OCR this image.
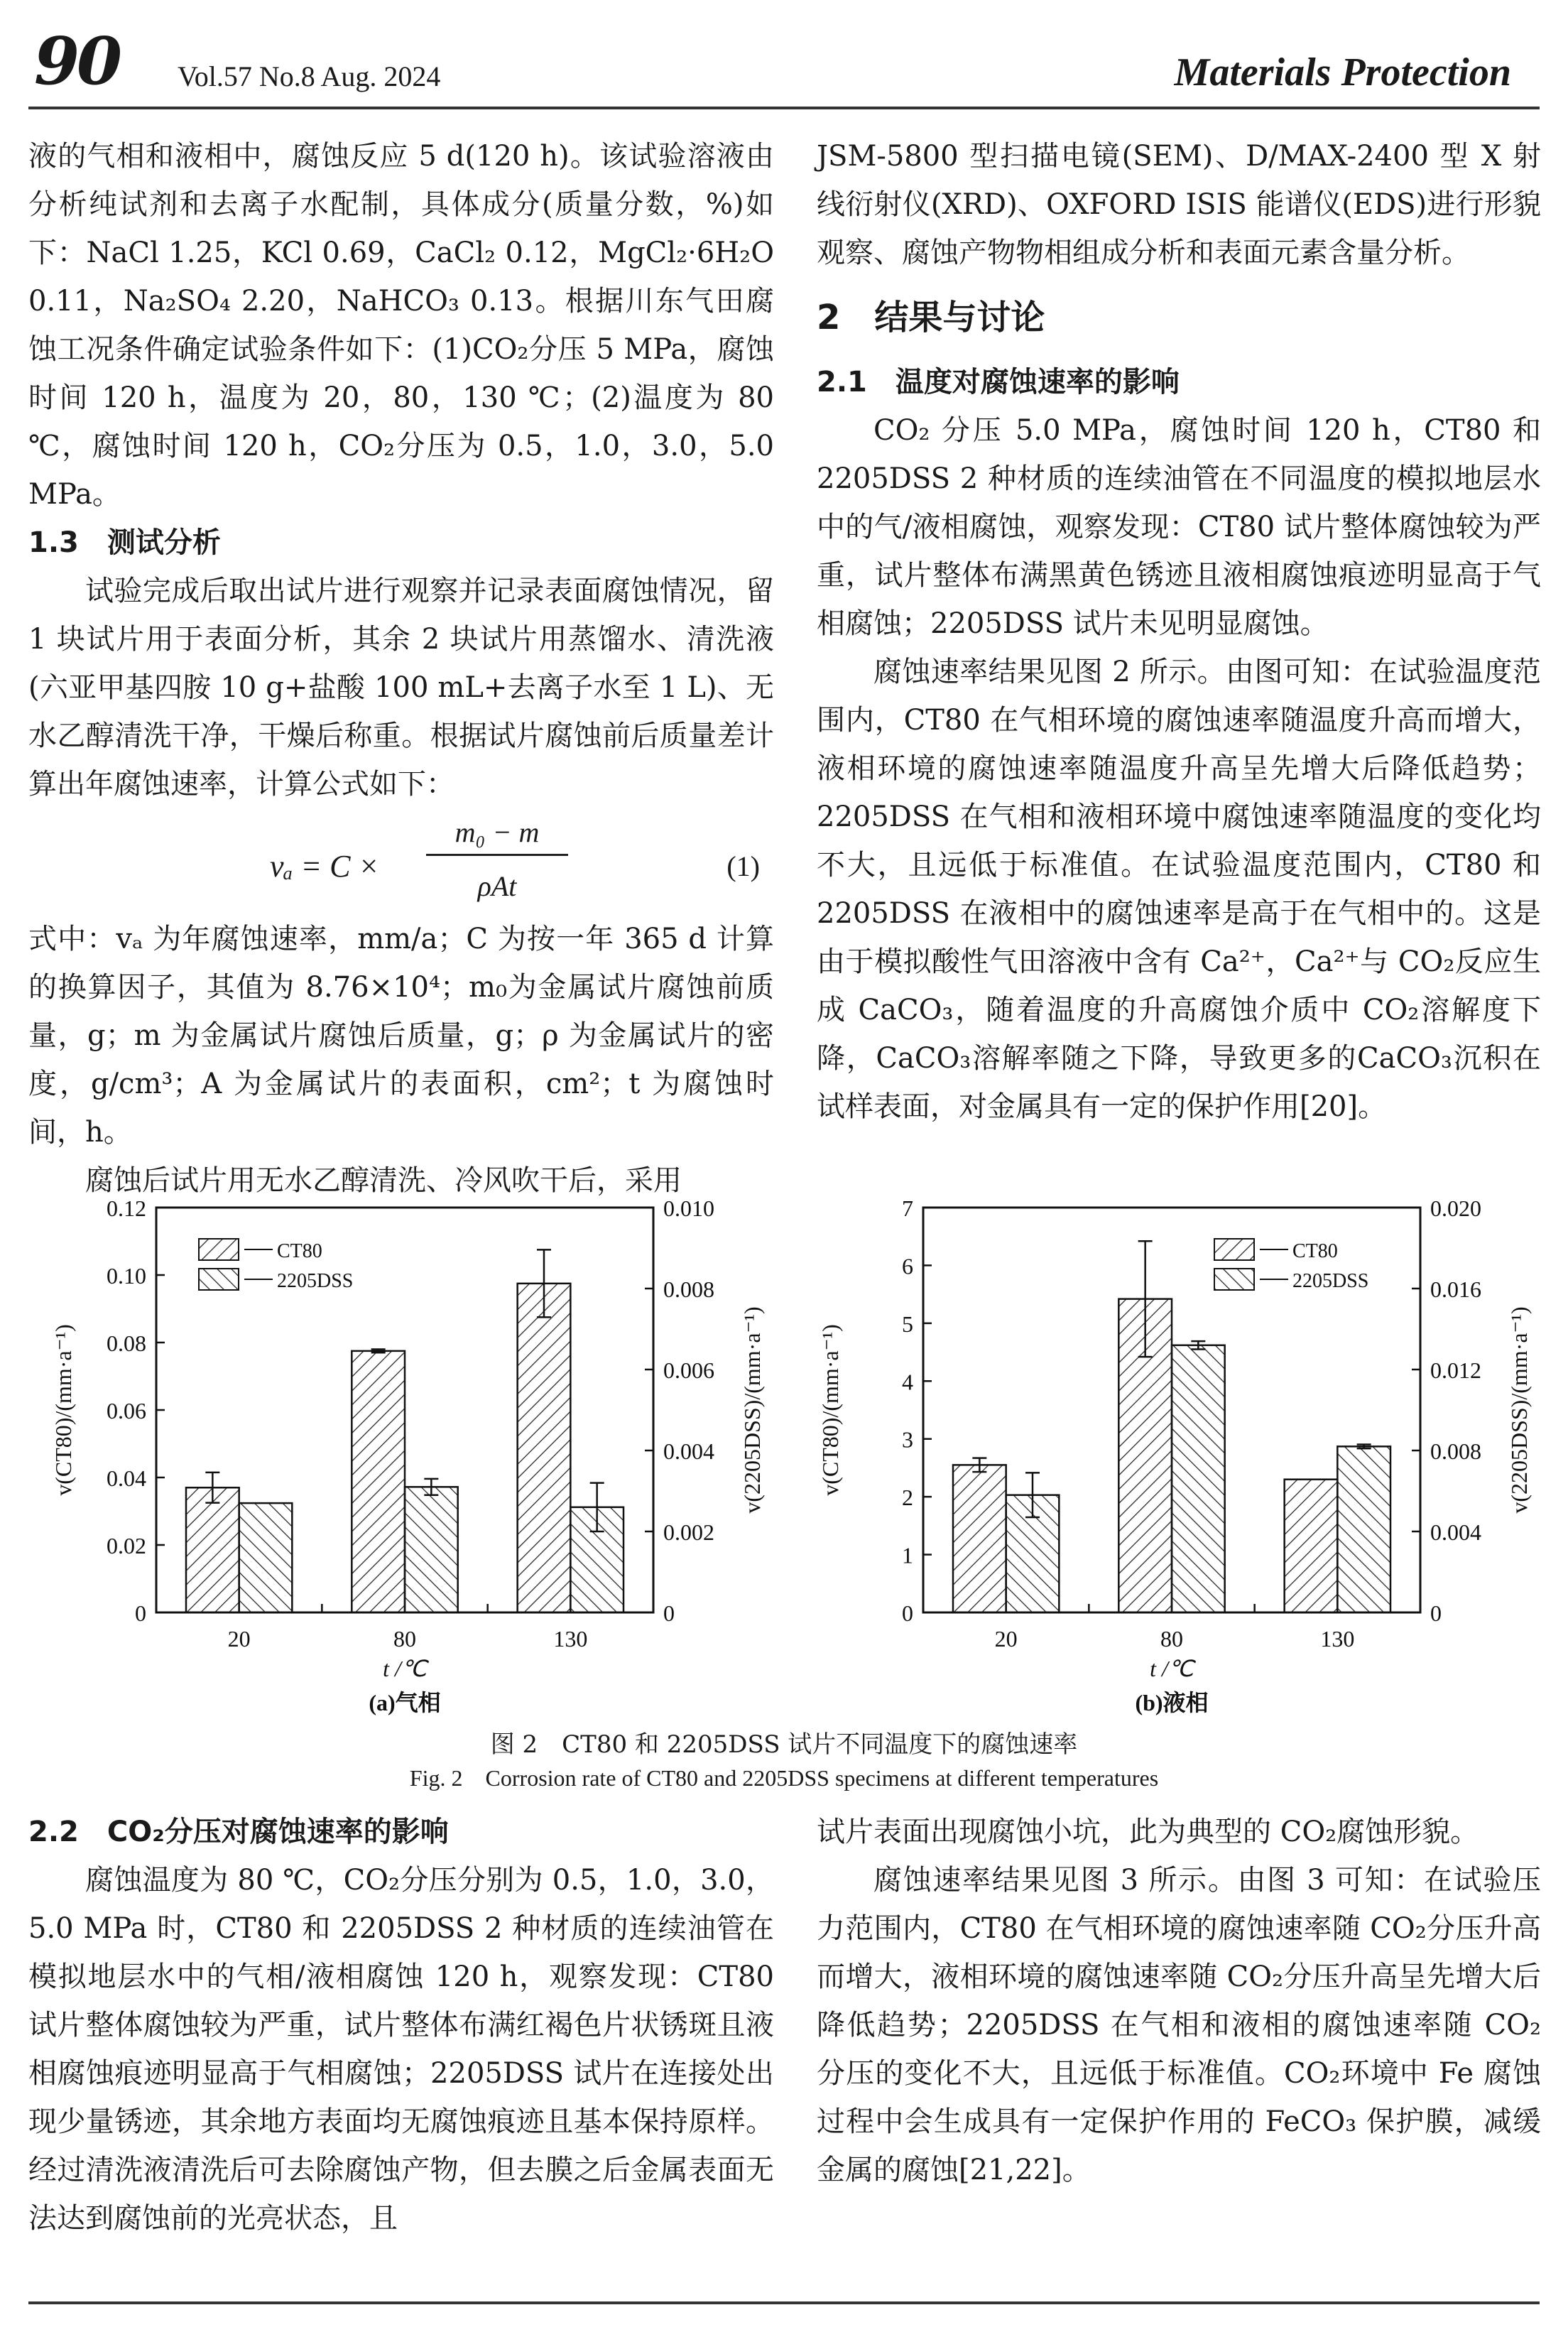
90 Vol.57 No.8 Aug. 2024	Materials Protection

液的气相和液相中，腐蚀反应 5 d(120 h)。该试验溶液由分析纯试剂和去离子水配制，具体成分(质量分数，%)如下：NaCl 1.25，KCl 0.69，CaCl₂ 0.12，MgCl₂·6H₂O 0.11，Na₂SO₄ 2.20，NaHCO₃ 0.13。根据川东气田腐蚀工况条件确定试验条件如下：(1)CO₂分压 5 MPa，腐蚀时间 120 h，温度为 20，80，130 ℃；(2)温度为 80 ℃，腐蚀时间 120 h，CO₂分压为 0.5，1.0，3.0，5.0 MPa。

1.3　测试分析

试验完成后取出试片进行观察并记录表面腐蚀情况，留 1 块试片用于表面分析，其余 2 块试片用蒸馏水、清洗液(六亚甲基四胺 10 g+盐酸 100 mL+去离子水至 1 L)、无水乙醇清洗干净，干燥后称重。根据试片腐蚀前后质量差计算出年腐蚀速率，计算公式如下：

vₐ = C ×
m₀ − m
ρAt
(1)

式中：vₐ 为年腐蚀速率，mm/a；C 为按一年 365 d 计算的换算因子，其值为 8.76×10⁴；m₀为金属试片腐蚀前质量，g；m 为金属试片腐蚀后质量，g；ρ 为金属试片的密度，g/cm³；A 为金属试片的表面积，cm²；t 为腐蚀时间，h。

腐蚀后试片用无水乙醇清洗、冷风吹干后，采用

JSM-5800 型扫描电镜(SEM)、D/MAX-2400 型 X 射线衍射仪(XRD)、OXFORD ISIS 能谱仪(EDS)进行形貌观察、腐蚀产物物相组成分析和表面元素含量分析。

2　结果与讨论
2.1　温度对腐蚀速率的影响

CO₂ 分压 5.0 MPa，腐蚀时间 120 h，CT80 和 2205DSS 2 种材质的连续油管在不同温度的模拟地层水中的气/液相腐蚀，观察发现：CT80 试片整体腐蚀较为严重，试片整体布满黑黄色锈迹且液相腐蚀痕迹明显高于气相腐蚀；2205DSS 试片未见明显腐蚀。

腐蚀速率结果见图 2 所示。由图可知：在试验温度范围内，CT80 在气相环境的腐蚀速率随温度升高而增大，液相环境的腐蚀速率随温度升高呈先增大后降低趋势；2205DSS 在气相和液相环境中腐蚀速率随温度的变化均不大，且远低于标准值。在试验温度范围内，CT80 和 2205DSS 在液相中的腐蚀速率是高于在气相中的。这是由于模拟酸性气田溶液中含有 Ca²⁺，Ca²⁺与 CO₂反应生成 CaCO₃，随着温度的升高腐蚀介质中 CO₂溶解度下降，CaCO₃溶解率随之下降，导致更多的CaCO₃沉积在试样表面，对金属具有一定的保护作用[20]。

0
0.02
0.04
0.06
0.08
0.10
0.12
0
0.002
0.004
0.006
0.008
0.010
20	80	130
CT80
2205DSS
v(CT80)/(mm·a⁻¹)	v(2205DSS)/(mm·a⁻¹)
t /℃
(a)气相
0
1
2
3
4
5
6
7
0
0.004
0.008
0.012
0.016
0.020
20	80	130
CT80
2205DSS
v(CT80)/(mm·a⁻¹)	v(2205DSS)/(mm·a⁻¹)
t /℃
(b)液相
图 2　CT80 和 2205DSS 试片不同温度下的腐蚀速率
Fig. 2　Corrosion rate of CT80 and 2205DSS specimens at different temperatures
2.2　CO₂分压对腐蚀速率的影响

腐蚀温度为 80 ℃，CO₂分压分别为 0.5，1.0，3.0，5.0 MPa 时，CT80 和 2205DSS 2 种材质的连续油管在模拟地层水中的气相/液相腐蚀 120 h，观察发现：CT80 试片整体腐蚀较为严重，试片整体布满红褐色片状锈斑且液相腐蚀痕迹明显高于气相腐蚀；2205DSS 试片在连接处出现少量锈迹，其余地方表面均无腐蚀痕迹且基本保持原样。经过清洗液清洗后可去除腐蚀产物，但去膜之后金属表面无法达到腐蚀前的光亮状态，且

试片表面出现腐蚀小坑，此为典型的 CO₂腐蚀形貌。

腐蚀速率结果见图 3 所示。由图 3 可知：在试验压力范围内，CT80 在气相环境的腐蚀速率随 CO₂分压升高而增大，液相环境的腐蚀速率随 CO₂分压升高呈先增大后降低趋势；2205DSS 在气相和液相的腐蚀速率随 CO₂ 分压的变化不大，且远低于标准值。CO₂环境中 Fe 腐蚀过程中会生成具有一定保护作用的 FeCO₃ 保护膜，减缓金属的腐蚀[21,22]。
